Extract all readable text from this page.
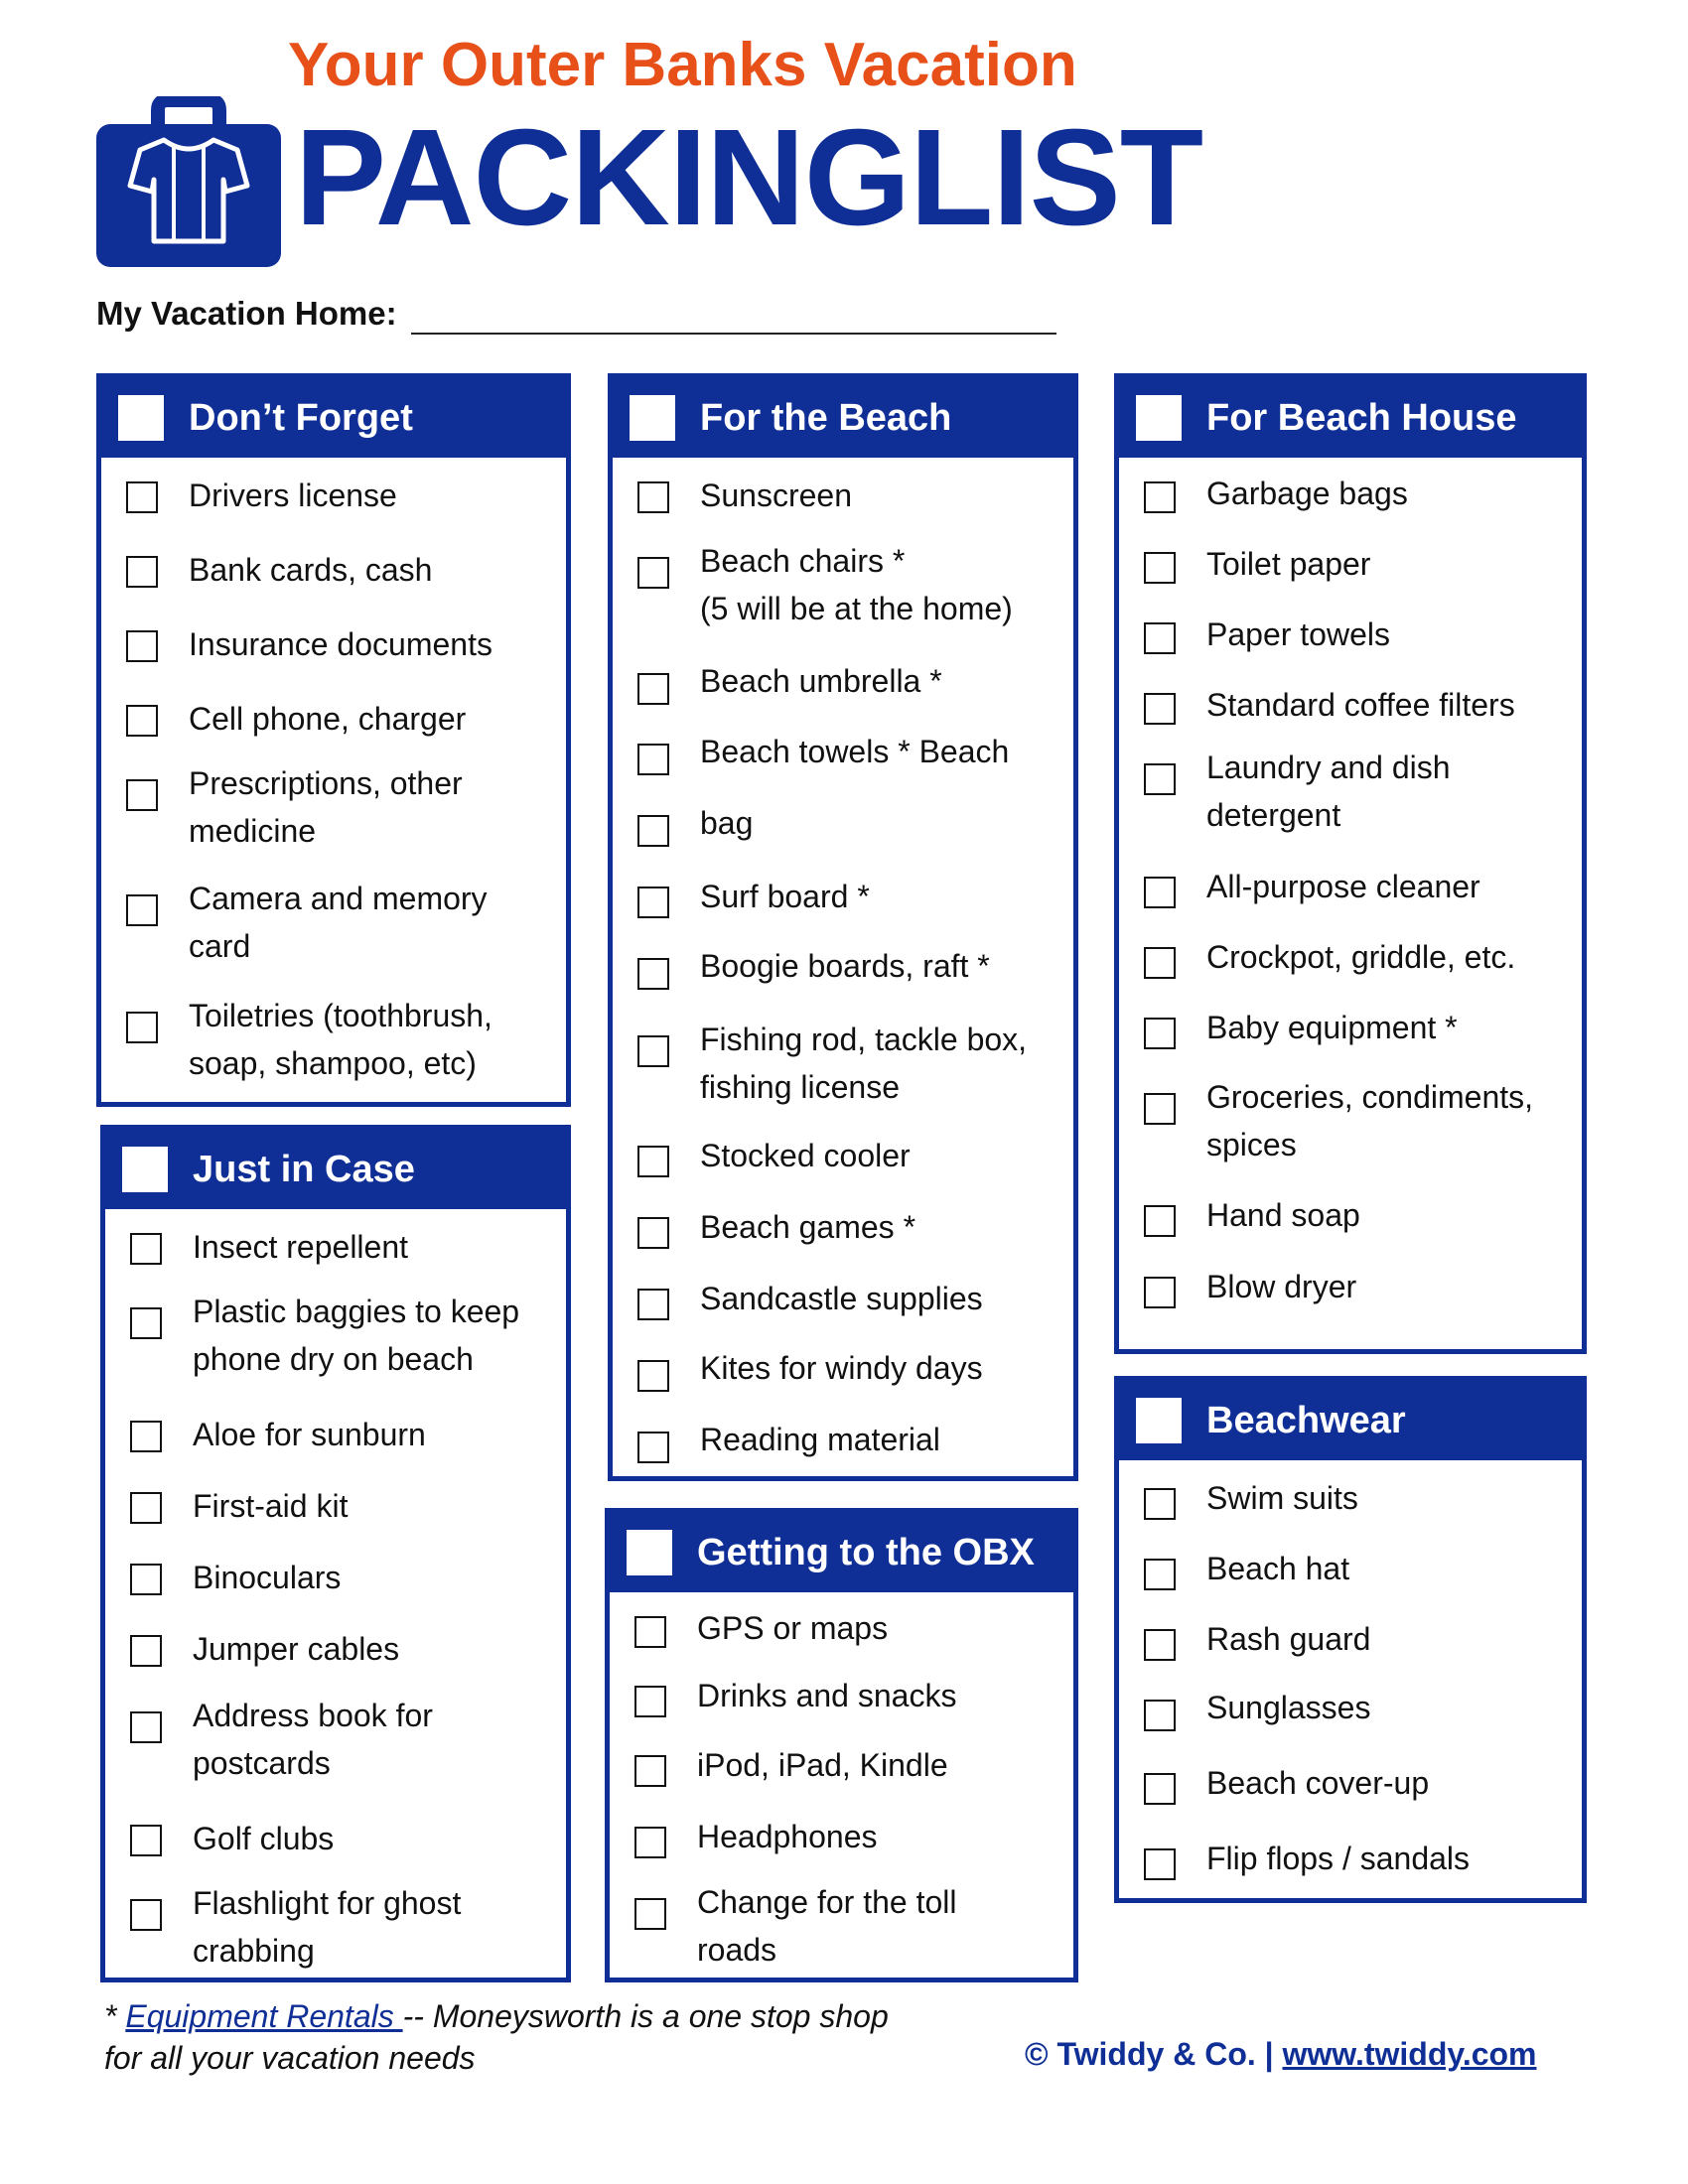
Your Outer Banks Vacation
PACKINGLIST
My Vacation Home:
Don’t Forget
Drivers license
Bank cards, cash
Insurance documents
Cell phone, charger
Prescriptions, other
medicine
Camera and memory
card
Toiletries (toothbrush,
soap, shampoo, etc)
Just in Case
Insect repellent
Plastic baggies to keep
phone dry on beach
Aloe for sunburn
First-aid kit
Binoculars
Jumper cables
Address book for
postcards
Golf clubs
Flashlight for ghost
crabbing
For the Beach
Sunscreen
Beach chairs *
(5 will be at the home)
Beach umbrella *
Beach towels * Beach
bag
Surf board *
Boogie boards, raft *
Fishing rod, tackle box,
fishing license
Stocked cooler
Beach games *
Sandcastle supplies
Kites for windy days
Reading material
Getting to the OBX
GPS or maps
Drinks and snacks
iPod, iPad, Kindle
Headphones
Change for the toll
roads
For Beach House
Garbage bags
Toilet paper
Paper towels
Standard coffee filters
Laundry and dish
detergent
All-purpose cleaner
Crockpot, griddle, etc.
Baby equipment *
Groceries, condiments,
spices
Hand soap
Blow dryer
Beachwear
Swim suits
Beach hat
Rash guard
Sunglasses
Beach cover-up
Flip flops / sandals
* Equipment Rentals -- Moneysworth is a one stop shop
for all your vacation needs	© Twiddy & Co. | www.twiddy.com
